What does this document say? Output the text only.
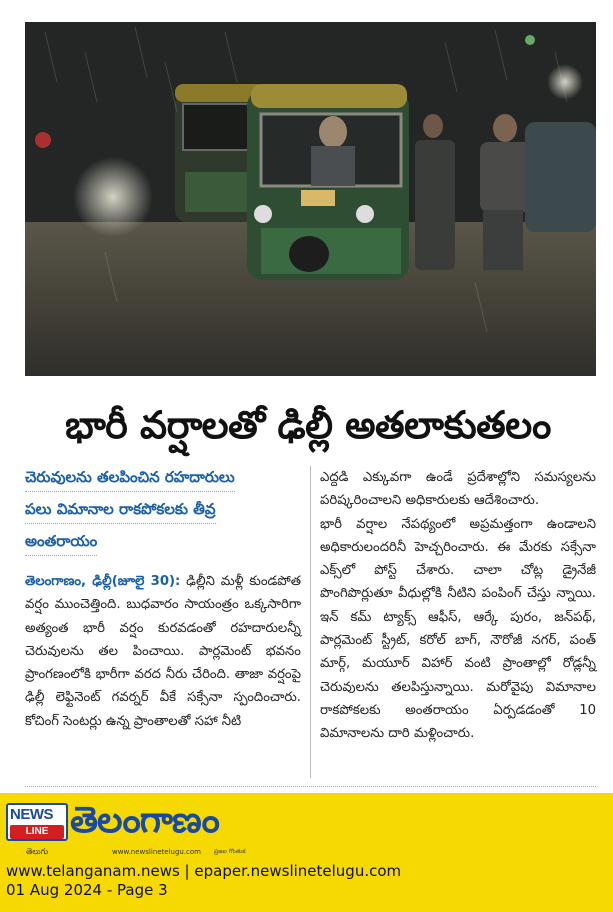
భారీ వర్షాలతో ఢిల్లీ అతలాకుతలం
చెరువులను తలపించిన రహదారులు
పలు విమానాల రాకపోకలకు తీవ్ర
అంతరాయం

తెలంగాణం, ఢిల్లీ(జూలై 30): ఢిల్లీని మళ్లీ కుండపోత వర్షం ముంచెత్తింది. బుధవారం సాయంత్రం ఒక్కసారిగా అత్యంత భారీ వర్షం కురవడంతో రహదారులన్నీ చెరువులను తల పించాయి. పార్లమెంట్ భవనం ప్రాంగణంలోకి భారీగా వరద నీరు చేరింది. తాజా వర్షంపై ఢిల్లీ లెఫ్టినెంట్ గవర్నర్ వీకే సక్సేనా స్పందించారు. కోచింగ్ సెంటర్లు ఉన్న ప్రాంతాలతో సహా నీటి

ఎద్దడి ఎక్కువగా ఉండే ప్రదేశాల్లోని సమస్యలను పరిష్కరించాలని అధికారులకు ఆదేశించారు.

భారీ వర్షాల నేపథ్యంలో అప్రమత్తంగా ఉండాలని అధికారులందరినీ హెచ్చరించారు. ఈ మేరకు సక్సేనా ఎక్స్‌లో పోస్ట్ చేశారు. చాలా చోట్ల డ్రైనేజీ పొంగిపొర్లుతూ వీధుల్లోకి నీటిని పంపింగ్ చేస్తు న్నాయి. ఇన్ కమ్ ట్యాక్స్ ఆఫీస్, ఆర్కే పురం, జన్‌పథ్, పార్లమెంట్ స్ట్రీట్, కరోల్ బాగ్, నౌరోజీ నగర్, పంత్ మార్గ్, మయూర్ విహార్ వంటి ప్రాంతాల్లో రోడ్లన్నీ చెరువులను తలపిస్తున్నాయి. మరోవైపు విమానాల రాకపోకలకు అంతరాయం ఏర్పడడంతో 10 విమానాలను దారి మళ్లించారు.

NEWS
LINE
తెలుగు
తెలంగాణం
www.newslinetelugu.com ప్రజల గొంతుక
www.telanganam.news | epaper.newslinetelugu.com
01 Aug 2024 - Page 3
